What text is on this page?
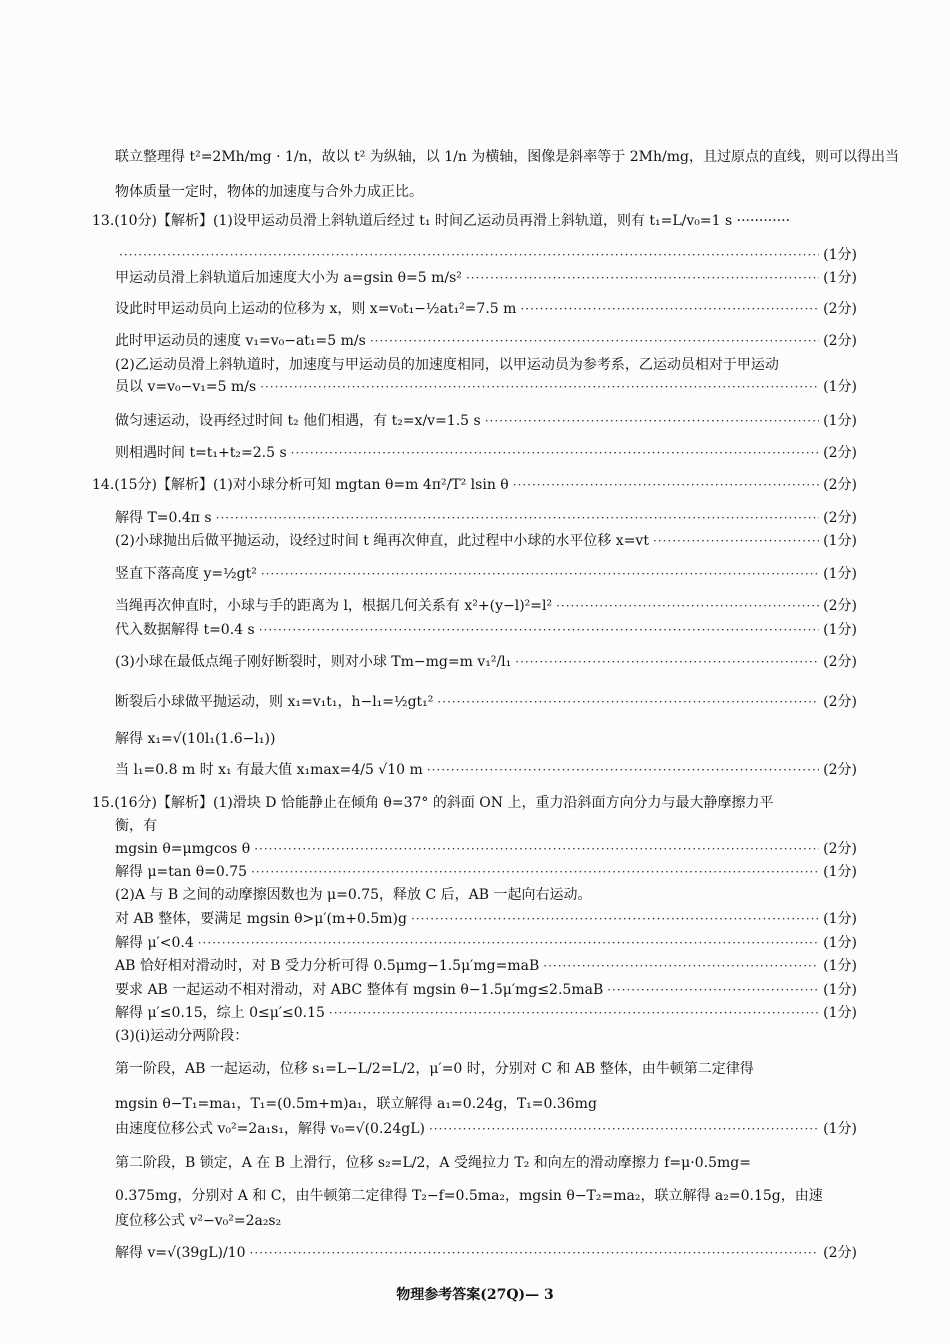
联立整理得 t²=2Mh/mg · 1/n，故以 t² 为纵轴，以 1/n 为横轴，图像是斜率等于 2Mh/mg，且过原点的直线，则可以得出当
物体质量一定时，物体的加速度与合外力成正比。
13.(10分)【解析】(1)设甲运动员滑上斜轨道后经过 t₁ 时间乙运动员再滑上斜轨道，则有 t₁=L/v₀=1 s ············
·····
(1分)
甲运动员滑上斜轨道后加速度大小为 a=gsin θ=5 m/s² ·····	(1分)
设此时甲运动员向上运动的位移为 x，则 x=v₀t₁−½at₁²=7.5 m ·····	(2分)
此时甲运动员的速度 v₁=v₀−at₁=5 m/s ·····	(2分)
(2)乙运动员滑上斜轨道时，加速度与甲运动员的加速度相同，以甲运动员为参考系，乙运动员相对于甲运动
员以 v=v₀−v₁=5 m/s ·····	(1分)
做匀速运动，设再经过时间 t₂ 他们相遇，有 t₂=x/v=1.5 s ·····	(1分)
则相遇时间 t=t₁+t₂=2.5 s ·····	(2分)
14.(15分)【解析】(1)对小球分析可知 mgtan θ=m 4π²/T² lsin θ ·····	(2分)
解得 T=0.4π s ·····	(2分)
(2)小球抛出后做平抛运动，设经过时间 t 绳再次伸直，此过程中小球的水平位移 x=vt ·····	(1分)
竖直下落高度 y=½gt² ·····	(1分)
当绳再次伸直时，小球与手的距离为 l，根据几何关系有 x²+(y−l)²=l² ·····	(2分)
代入数据解得 t=0.4 s ·····	(1分)
(3)小球在最低点绳子刚好断裂时，则对小球 Tm−mg=m v₁²/l₁ ·····	(2分)
断裂后小球做平抛运动，则 x₁=v₁t₁，h−l₁=½gt₁² ·····	(2分)
解得 x₁=√(10l₁(1.6−l₁))
当 l₁=0.8 m 时 x₁ 有最大值 x₁max=4/5 √10 m ·····	(2分)
15.(16分)【解析】(1)滑块 D 恰能静止在倾角 θ=37° 的斜面 ON 上，重力沿斜面方向分力与最大静摩擦力平
衡，有
mgsin θ=μmgcos θ ·····	(2分)
解得 μ=tan θ=0.75 ·····	(1分)
(2)A 与 B 之间的动摩擦因数也为 μ=0.75，释放 C 后，AB 一起向右运动。
对 AB 整体，要满足 mgsin θ>μ′(m+0.5m)g ·····	(1分)
解得 μ′<0.4 ·····	(1分)
AB 恰好相对滑动时，对 B 受力分析可得 0.5μmg−1.5μ′mg=maB ·····	(1分)
要求 AB 一起运动不相对滑动，对 ABC 整体有 mgsin θ−1.5μ′mg≤2.5maB ·····	(1分)
解得 μ′≤0.15，综上 0≤μ′≤0.15 ·····	(1分)
(3)(ⅰ)运动分两阶段：
第一阶段，AB 一起运动，位移 s₁=L−L/2=L/2，μ′=0 时，分别对 C 和 AB 整体，由牛顿第二定律得
mgsin θ−T₁=ma₁，T₁=(0.5m+m)a₁，联立解得 a₁=0.24g，T₁=0.36mg
由速度位移公式 v₀²=2a₁s₁，解得 v₀=√(0.24gL) ·····	(1分)
第二阶段，B 锁定，A 在 B 上滑行，位移 s₂=L/2，A 受绳拉力 T₂ 和向左的滑动摩擦力 f=μ·0.5mg=
0.375mg，分别对 A 和 C，由牛顿第二定律得 T₂−f=0.5ma₂，mgsin θ−T₂=ma₂，联立解得 a₂=0.15g，由速
度位移公式 v²−v₀²=2a₂s₂
解得 v=√(39gL)/10 ·····	(2分)
物理参考答案(27Q)— 3
